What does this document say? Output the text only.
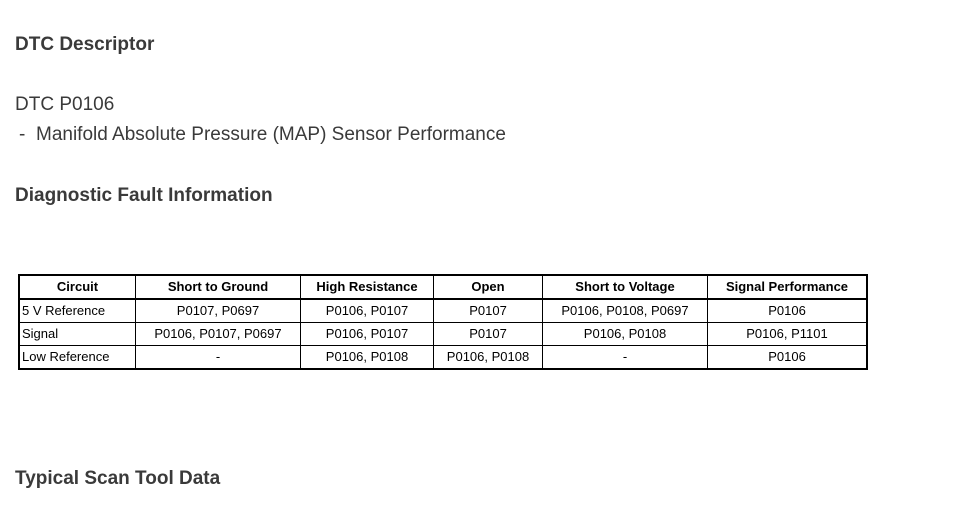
DTC Descriptor
DTC P0106
- Manifold Absolute Pressure (MAP) Sensor Performance
Diagnostic Fault Information
Circuit	Short to Ground	High Resistance	Open	Short to Voltage	Signal Performance
5 V Reference	P0107, P0697	P0106, P0107	P0107	P0106, P0108, P0697	P0106
Signal	P0106, P0107, P0697	P0106, P0107	P0107	P0106, P0108	P0106, P1101
Low Reference	-	P0106, P0108	P0106, P0108	-	P0106
Typical Scan Tool Data
